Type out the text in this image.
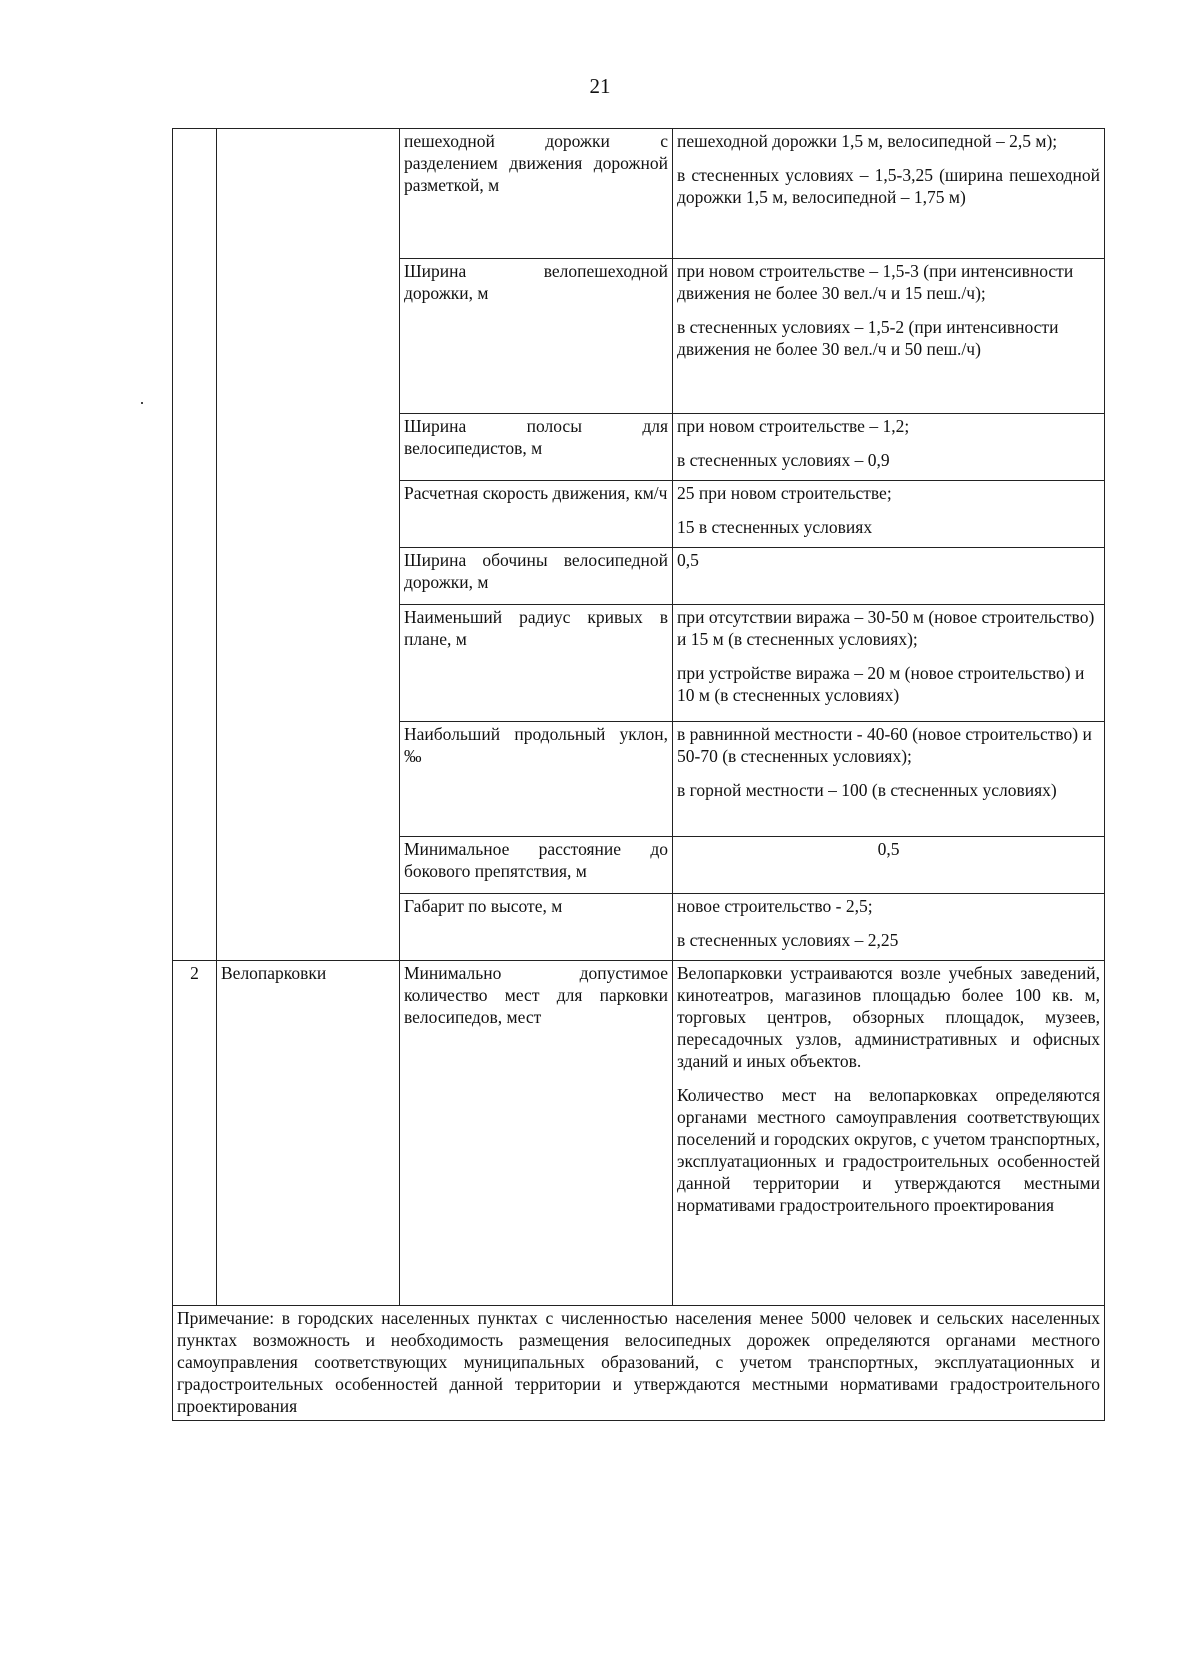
21

		пешеходной дорожки с разделением движения дорожной разметкой, м	пешеходной дорожки 1,5 м, велосипедной – 2,5 м);

в стесненных условиях – 1,5-3,25 (ширина пешеходной дорожки 1,5 м, велосипедной – 1,75 м)

		Ширина велопешеходной дорожки, м	при новом строительстве – 1,5-3 (при интенсивности движения не более 30 вел./ч и 15 пеш./ч);

в стесненных условиях – 1,5-2 (при интенсивности движения не более 30 вел./ч и 50 пеш./ч)

		Ширина полосы для велосипедистов, м	при новом строительстве – 1,2;

в стесненных условиях – 0,9

		Расчетная скорость движения, км/ч	25 при новом строительстве;

15 в стесненных условиях

		Ширина обочины велосипедной дорожки, м	0,5

		Наименьший радиус кривых в плане, м	при отсутствии виража – 30-50 м (новое строительство) и 15 м (в стесненных условиях);

при устройстве виража – 20 м (новое строительство) и 10 м (в стесненных условиях)

		Наибольший продольный уклон, ‰	в равнинной местности - 40-60 (новое строительство) и 50-70 (в стесненных условиях);

в горной местности – 100 (в стесненных условиях)

		Минимальное расстояние до бокового препятствия, м	0,5

		Габарит по высоте, м	новое строительство - 2,5;

в стесненных условиях – 2,25

2	Велопарковки	Минимально допустимое количество мест для парковки велосипедов, мест	Велопарковки устраиваются возле учебных заведений, кинотеатров, магазинов площадью более 100 кв. м, торговых центров, обзорных площадок, музеев, пересадочных узлов, административных и офисных зданий и иных объектов.

Количество мест на велопарковках определяются органами местного самоуправления соответствующих поселений и городских округов, с учетом транспортных, эксплуатационных и градостроительных особенностей данной территории и утверждаются местными нормативами градостроительного проектирования

Примечание: в городских населенных пунктах с численностью населения менее 5000 человек и сельских населенных пунктах возможность и необходимость размещения велосипедных дорожек определяются органами местного самоуправления соответствующих муниципальных образований, с учетом транспортных, эксплуатационных и градостроительных особенностей данной территории и утверждаются местными нормативами градостроительного проектирования			
